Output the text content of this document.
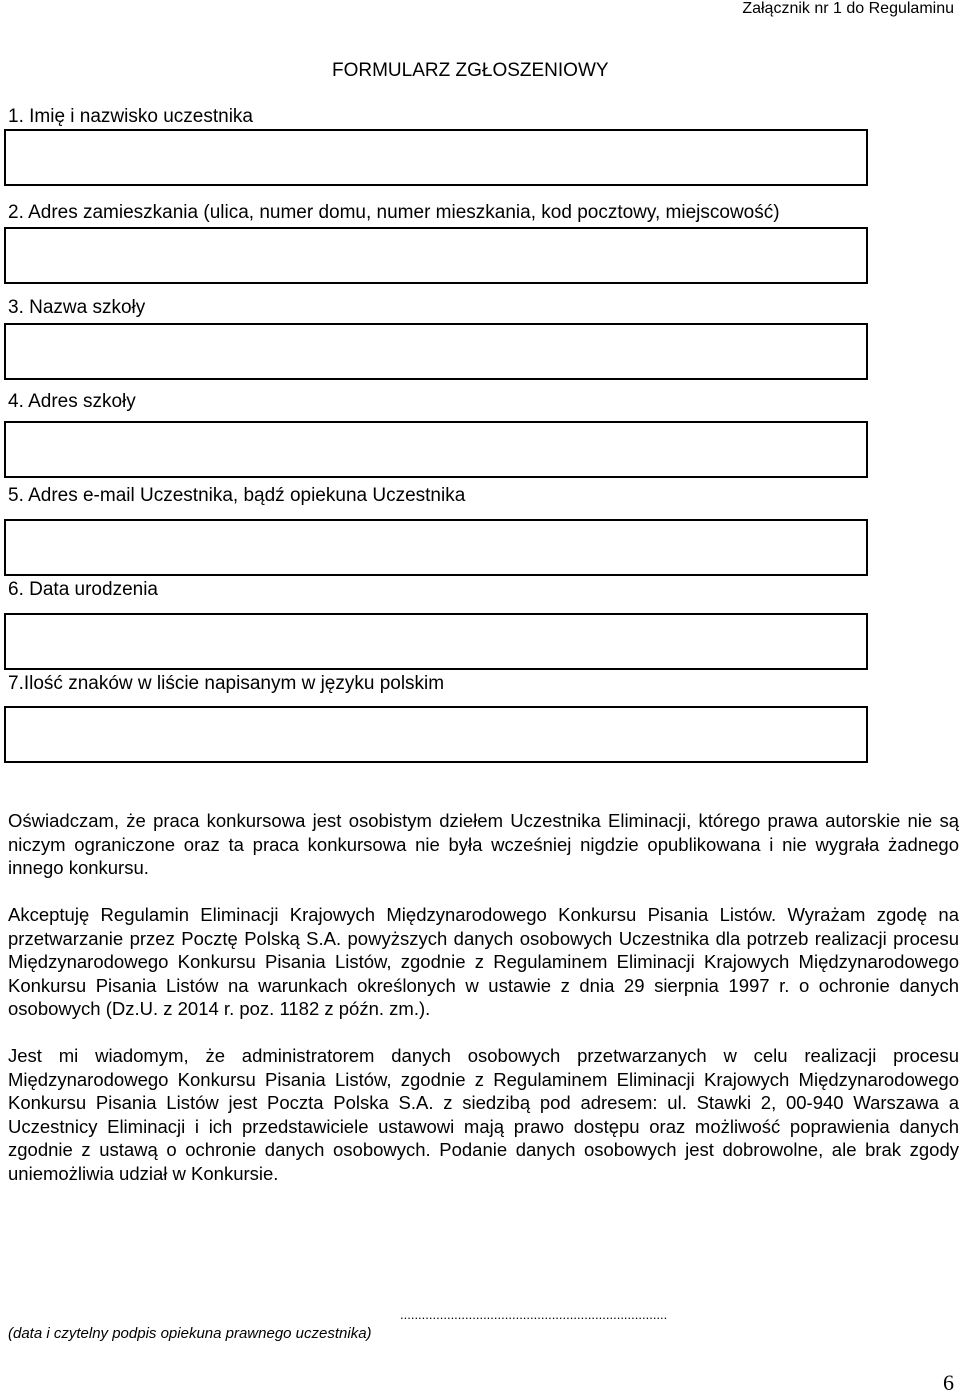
Załącznik nr 1 do Regulaminu
FORMULARZ ZGŁOSZENIOWY
1. Imię i nazwisko uczestnika
2. Adres zamieszkania (ulica, numer domu, numer mieszkania, kod pocztowy, miejscowość)
3. Nazwa szkoły
4. Adres szkoły
5. Adres e-mail Uczestnika, bądź opiekuna Uczestnika
6. Data urodzenia
7.Ilość znaków w liście napisanym w języku polskim

Oświadczam, że praca konkursowa jest osobistym dziełem Uczestnika Eliminacji, którego prawa autorskie nie są niczym ograniczone oraz ta praca konkursowa nie była wcześniej nigdzie opublikowana i nie wygrała żadnego innego konkursu.

Akceptuję Regulamin Eliminacji Krajowych Międzynarodowego Konkursu Pisania Listów. Wyrażam zgodę na przetwarzanie przez Pocztę Polską S.A. powyższych danych osobowych Uczestnika dla potrzeb realizacji procesu Międzynarodowego Konkursu Pisania Listów, zgodnie z Regulaminem Eliminacji Krajowych Międzynarodowego Konkursu Pisania Listów na warunkach określonych w ustawie z dnia 29 sierpnia 1997 r. o ochronie danych osobowych (Dz.U. z 2014 r. poz. 1182 z późn. zm.).

Jest mi wiadomym, że administratorem danych osobowych przetwarzanych w celu realizacji procesu Międzynarodowego Konkursu Pisania Listów, zgodnie z Regulaminem Eliminacji Krajowych Międzynarodowego Konkursu Pisania Listów jest Poczta Polska S.A. z siedzibą pod adresem: ul. Stawki 2, 00-940 Warszawa a Uczestnicy Eliminacji i ich przedstawiciele ustawowi mają prawo dostępu oraz możliwość poprawienia danych zgodnie z ustawą o ochronie danych osobowych. Podanie danych osobowych jest dobrowolne, ale brak zgody uniemożliwia udział w Konkursie.

..........................................................................
(data i czytelny podpis opiekuna prawnego uczestnika)
6
